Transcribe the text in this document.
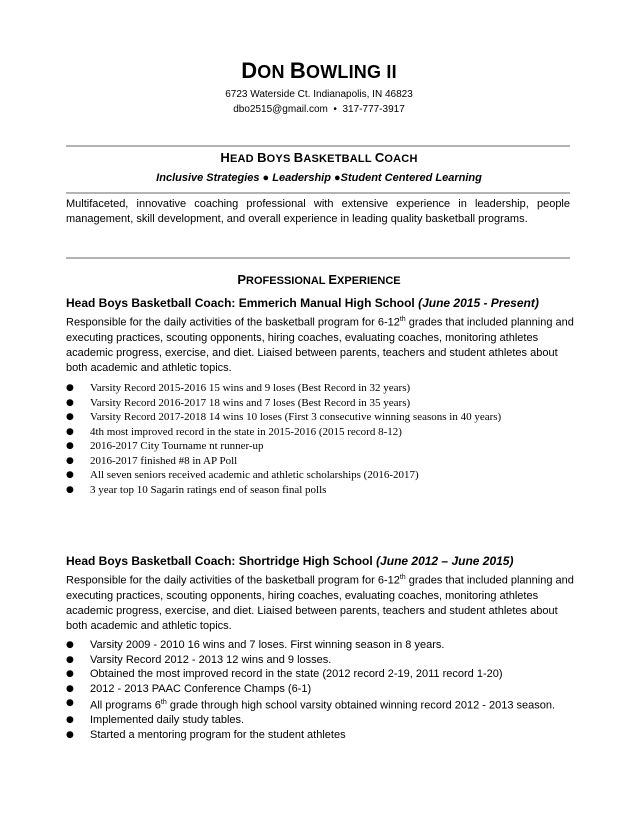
DON BOWLING II
6723 Waterside Ct. Indianapolis, IN 46823
dbo2515@gmail.com  •  317-777-3917
HEAD BOYS BASKETBALL COACH
Inclusive Strategies ● Leadership ●Student Centered Learning
Multifaceted, innovative coaching professional with extensive experience in leadership, people management, skill development, and overall experience in leading quality basketball programs.
PROFESSIONAL EXPERIENCE
Head Boys Basketball Coach: Emmerich Manual High School (June 2015 - Present)
Responsible for the daily activities of the basketball program for 6-12th grades that included planning and executing practices, scouting opponents, hiring coaches, evaluating coaches, monitoring athletes academic progress, exercise, and diet. Liaised between parents, teachers and student athletes about both academic and athletic topics.
● Varsity Record 2015-2016 15 wins and 9 loses (Best Record in 32 years)
● Varsity Record 2016-2017 18 wins and 7 loses (Best Record in 35 years)
● Varsity Record 2017-2018 14 wins 10 loses (First 3 consecutive winning seasons in 40 years)
● 4th most improved record in the state in 2015-2016 (2015 record 8-12)
● 2016-2017 City Tourname nt runner-up
● 2016-2017 finished #8 in AP Poll
● All seven seniors received academic and athletic scholarships (2016-2017)
● 3 year top 10 Sagarin ratings end of season final polls
Head Boys Basketball Coach: Shortridge High School (June 2012 – June 2015)
Responsible for the daily activities of the basketball program for 6-12th grades that included planning and executing practices, scouting opponents, hiring coaches, evaluating coaches, monitoring athletes academic progress, exercise, and diet. Liaised between parents, teachers and student athletes about both academic and athletic topics.
● Varsity 2009 - 2010 16 wins and 7 loses. First winning season in 8 years.
● Varsity Record 2012 - 2013 12 wins and 9 losses.
● Obtained the most improved record in the state (2012 record 2-19, 2011 record 1-20)
● 2012 - 2013 PAAC Conference Champs (6-1)
● All programs 6th grade through high school varsity obtained winning record 2012 - 2013 season.
● Implemented daily study tables.
● Started a mentoring program for the student athletes
